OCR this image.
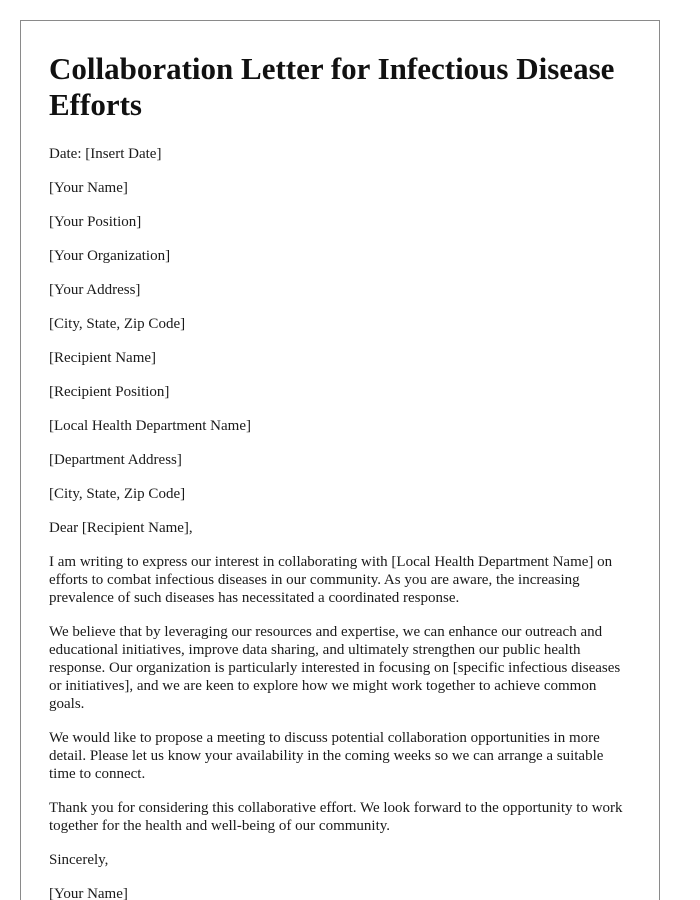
Collaboration Letter for Infectious Disease Efforts
Date: [Insert Date]
[Your Name]
[Your Position]
[Your Organization]
[Your Address]
[City, State, Zip Code]
[Recipient Name]
[Recipient Position]
[Local Health Department Name]
[Department Address]
[City, State, Zip Code]
Dear [Recipient Name],

I am writing to express our interest in collaborating with [Local Health Department Name] on efforts to combat infectious diseases in our community. As you are aware, the increasing prevalence of such diseases has necessitated a coordinated response.

We believe that by leveraging our resources and expertise, we can enhance our outreach and educational initiatives, improve data sharing, and ultimately strengthen our public health response. Our organization is particularly interested in focusing on [specific infectious diseases or initiatives], and we are keen to explore how we might work together to achieve common goals.

We would like to propose a meeting to discuss potential collaboration opportunities in more detail. Please let us know your availability in the coming weeks so we can arrange a suitable time to connect.

Thank you for considering this collaborative effort. We look forward to the opportunity to work together for the health and well-being of our community.

Sincerely,
[Your Name]
